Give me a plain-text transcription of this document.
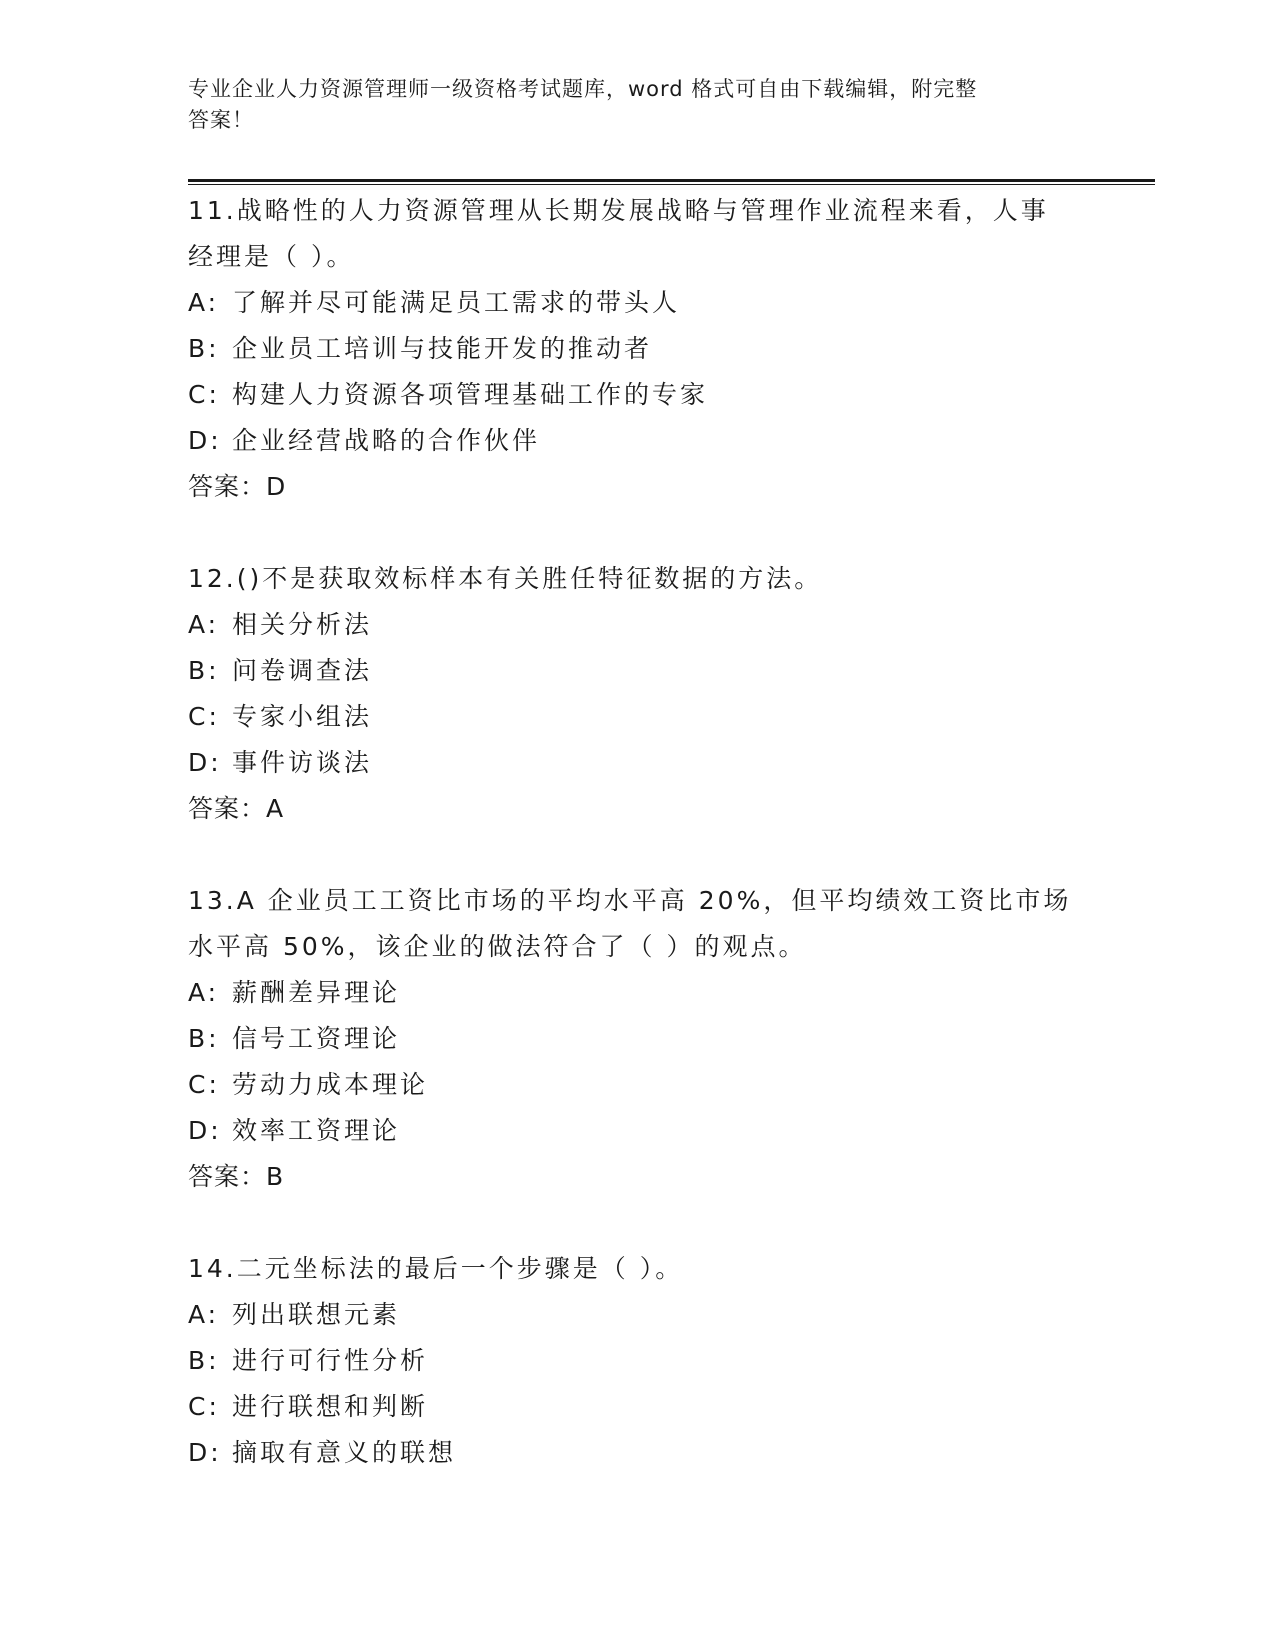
专业企业人力资源管理师一级资格考试题库，word 格式可自由下载编辑，附完整
答案！
11.战略性的人力资源管理从长期发展战略与管理作业流程来看，人事
经理是（ ）。
A: 了解并尽可能满足员工需求的带头人
B: 企业员工培训与技能开发的推动者
C: 构建人力资源各项管理基础工作的专家
D: 企业经营战略的合作伙伴
答案：D
12.()不是获取效标样本有关胜任特征数据的方法。
A: 相关分析法
B: 问卷调查法
C: 专家小组法
D: 事件访谈法
答案：A
13.A 企业员工工资比市场的平均水平高 20%，但平均绩效工资比市场
水平高 50%，该企业的做法符合了（ ）的观点。
A: 薪酬差异理论
B: 信号工资理论
C: 劳动力成本理论
D: 效率工资理论
答案：B
14.二元坐标法的最后一个步骤是（ ）。
A: 列出联想元素
B: 进行可行性分析
C: 进行联想和判断
D: 摘取有意义的联想
